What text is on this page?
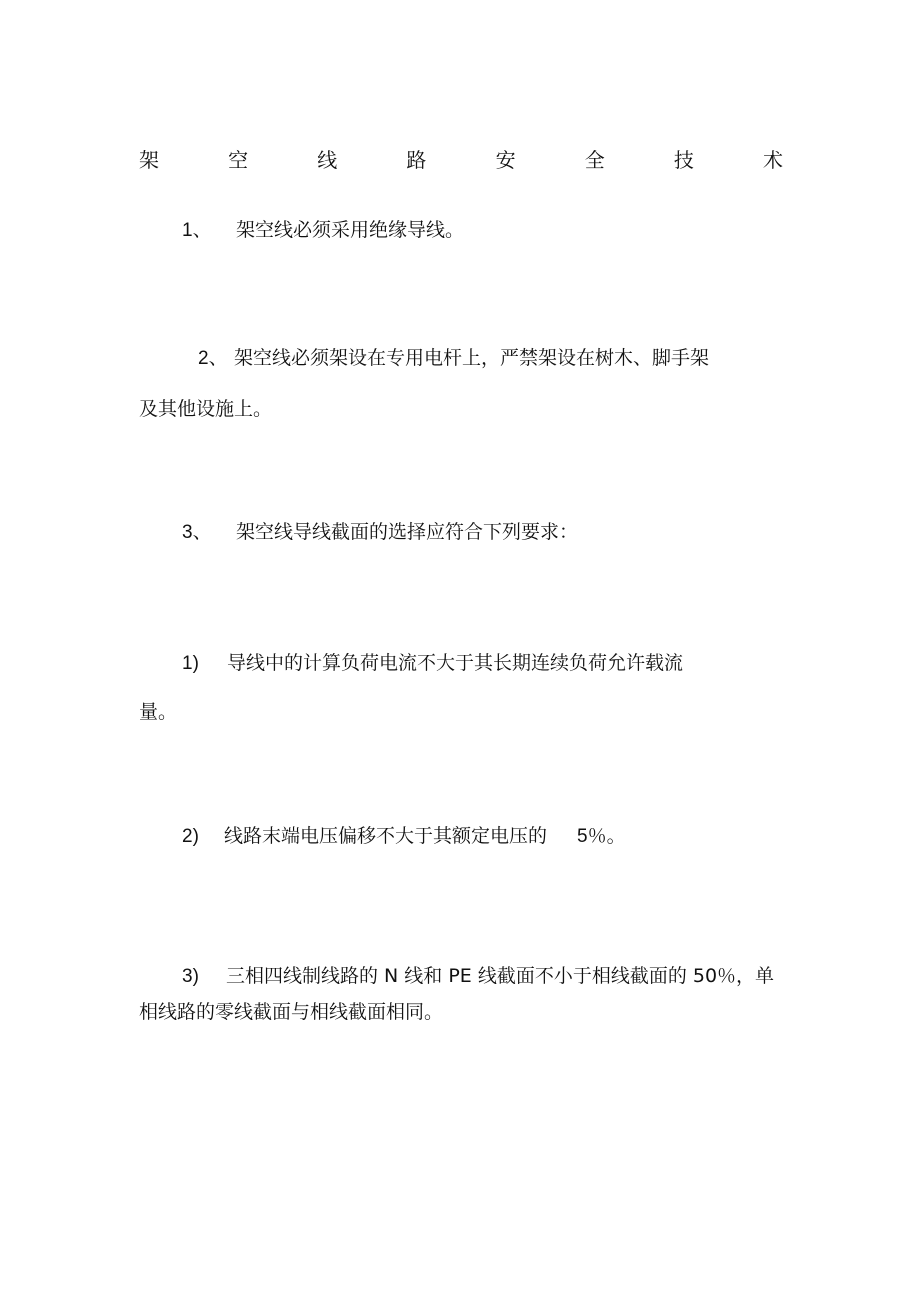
架	空	线	路	安	全	技	术
1、 架空线必须采用绝缘导线。
2、 架空线必须架设在专用电杆上，严禁架设在树木、脚手架
及其他设施上。
3、 架空线导线截面的选择应符合下列要求：
1) 导线中的计算负荷电流不大于其长期连续负荷允许载流
量。
2) 线路末端电压偏移不大于其额定电压的 5％。
3) 三相四线制线路的 N 线和 PE 线截面不小于相线截面的 50％，单
相线路的零线截面与相线截面相同。
